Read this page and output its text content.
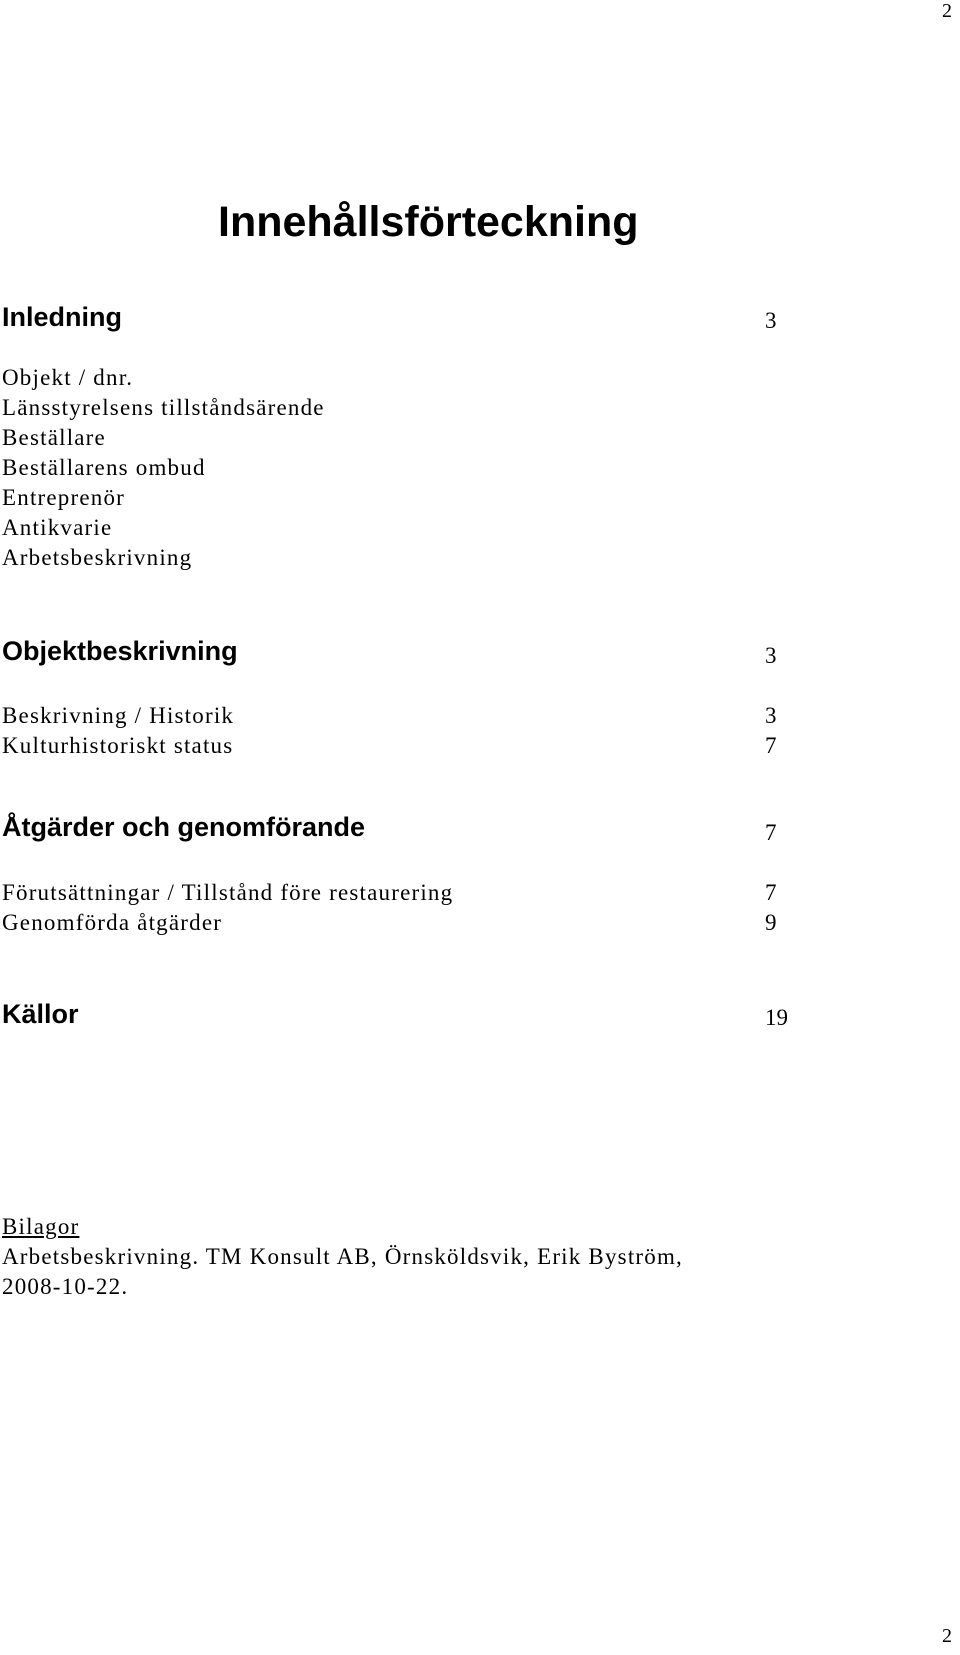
2
Innehållsförteckning
Inledning	3
Objekt / dnr.
Länsstyrelsens tillståndsärende
Beställare
Beställarens ombud
Entreprenör
Antikvarie
Arbetsbeskrivning
Objektbeskrivning	3
Beskrivning / Historik	3
Kulturhistoriskt status	7
Åtgärder och genomförande	7
Förutsättningar / Tillstånd före restaurering	7
Genomförda åtgärder	9
Källor	19
Bilagor
Arbetsbeskrivning. TM Konsult AB, Örnsköldsvik, Erik Byström,
2008-10-22.
2
